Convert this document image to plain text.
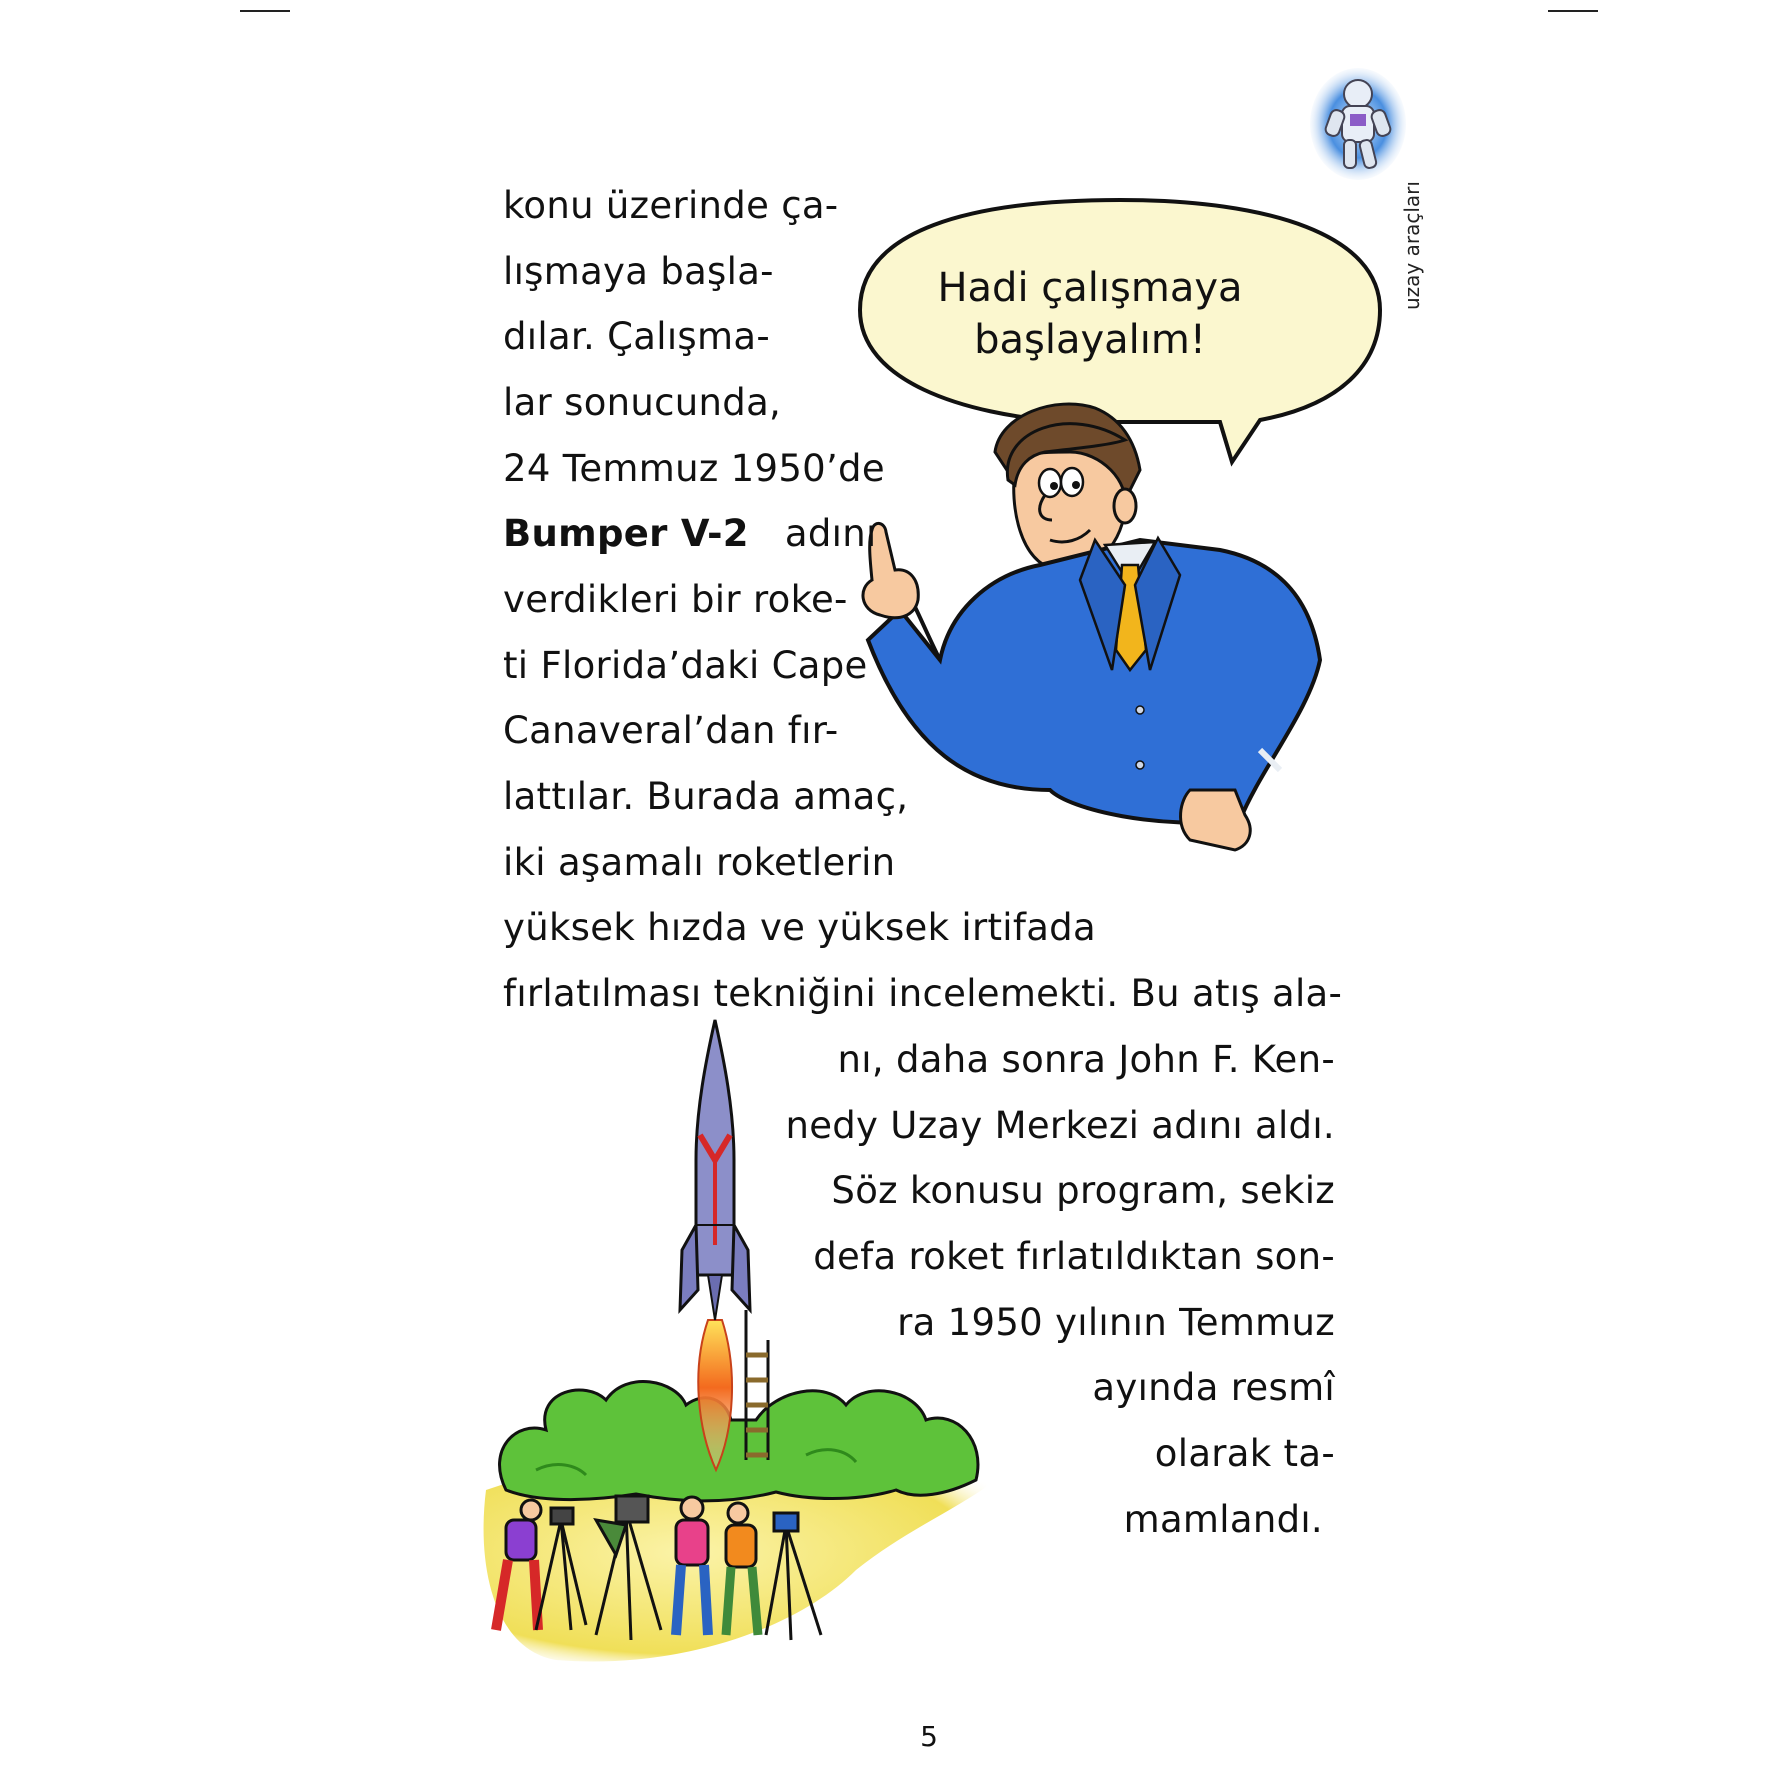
uzay araçları
Hadi çalışmaya
başlayalım!
konu üzerinde ça-
lışmaya başla-
dılar. Çalışma-
lar sonucunda,
24 Temmuz 1950’de
Bumper V-2 adını
verdikleri bir roke-
ti Florida’daki Cape
Canaveral’dan fır-
lattılar. Burada amaç,
iki aşamalı roketlerin
yüksek hızda ve yüksek irtifada
fırlatılması tekniğini incelemekti. Bu atış ala-
nı, daha sonra John F. Ken-
nedy Uzay Merkezi adını aldı.
Söz konusu program, sekiz
defa roket fırlatıldıktan son-
ra 1950 yılının Temmuz
ayında resmî
olarak ta-
mamlandı.
5
